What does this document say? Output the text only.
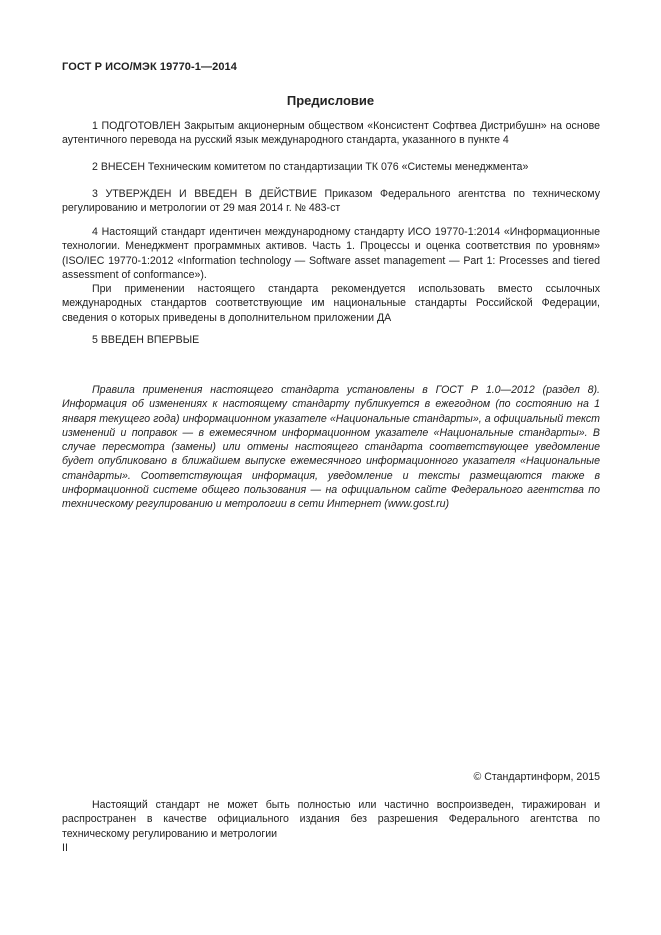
ГОСТ Р ИСО/МЭК 19770-1—2014
Предисловие
1 ПОДГОТОВЛЕН Закрытым акционерным обществом «Консистент Софтвеа Дистрибушн» на основе аутентичного перевода на русский язык международного стандарта, указанного в пункте 4
2 ВНЕСЕН Техническим комитетом по стандартизации ТК 076 «Системы менеджмента»
3 УТВЕРЖДЕН И ВВЕДЕН В ДЕЙСТВИЕ Приказом Федерального агентства по техническому регулированию и метрологии от 29 мая 2014 г. № 483-ст
4 Настоящий стандарт идентичен международному стандарту ИСО 19770-1:2014 «Информационные технологии. Менеджмент программных активов. Часть 1. Процессы и оценка соответствия по уровням» (ISO/IEC 19770-1:2012 «Information technology — Software asset management — Part 1: Processes and tiered assessment of conformance»).
При применении настоящего стандарта рекомендуется использовать вместо ссылочных международных стандартов соответствующие им национальные стандарты Российской Федерации, сведения о которых приведены в дополнительном приложении ДА
5 ВВЕДЕН ВПЕРВЫЕ
Правила применения настоящего стандарта установлены в ГОСТ Р 1.0—2012 (раздел 8). Информация об изменениях к настоящему стандарту публикуется в ежегодном (по состоянию на 1 января текущего года) информационном указателе «Национальные стандарты», а официальный текст изменений и поправок — в ежемесячном информационном указателе «Национальные стандарты». В случае пересмотра (замены) или отмены настоящего стандарта соответствующее уведомление будет опубликовано в ближайшем выпуске ежемесячного информационного указателя «Национальные стандарты». Соответствующая информация, уведомление и тексты размещаются также в информационной системе общего пользования — на официальном сайте Федерального агентства по техническому регулированию и метрологии в сети Интернет (www.gost.ru)
© Стандартинформ, 2015
Настоящий стандарт не может быть полностью или частично воспроизведен, тиражирован и распространен в качестве официального издания без разрешения Федерального агентства по техническому регулированию и метрологии
II
